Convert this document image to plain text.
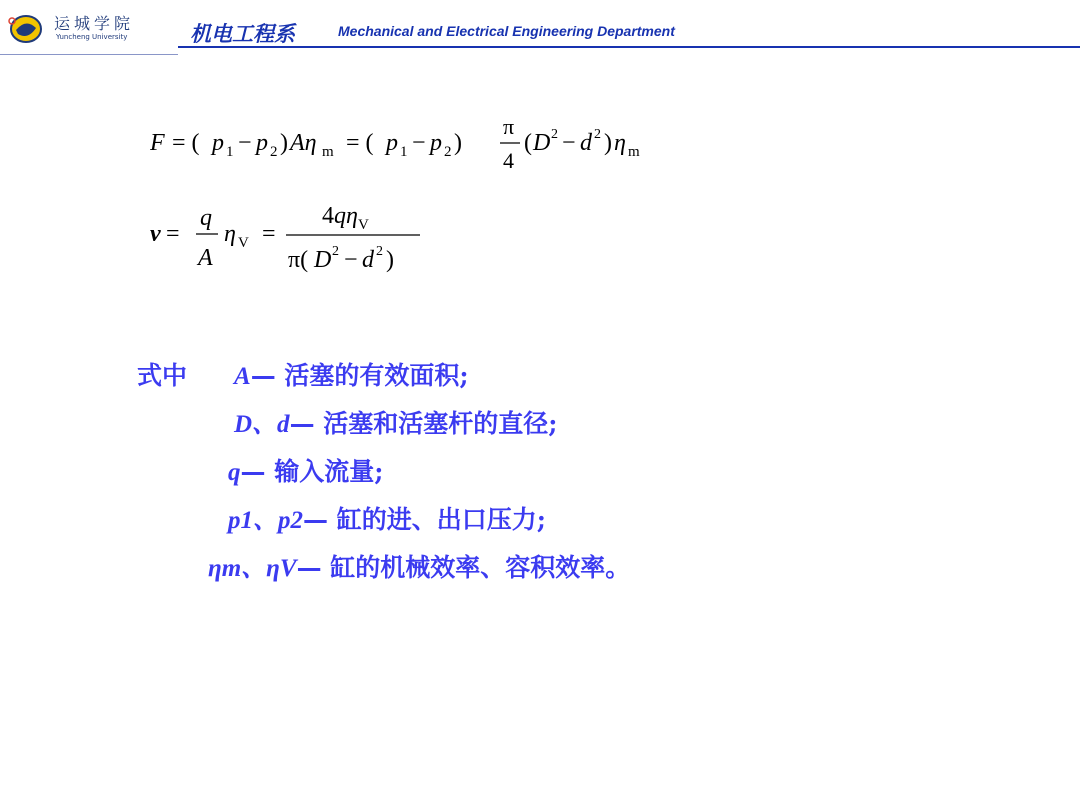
运城学院
Yuncheng University	机电工程系	Mechanical and Electrical Engineering Department
F = ( p 1 − p 2 ) Aη m = ( p 1 − p 2 )
π
4
( D 2 − d 2 ) η m
v =
q
A
η V =
4 qη V
π( D 2 − d 2 )
式中 A— 活塞的有效面积;
D、d— 活塞和活塞杆的直径;
q— 输入流量;
p1、p2— 缸的进、出口压力;
ηm、ηV— 缸的机械效率、容积效率。
